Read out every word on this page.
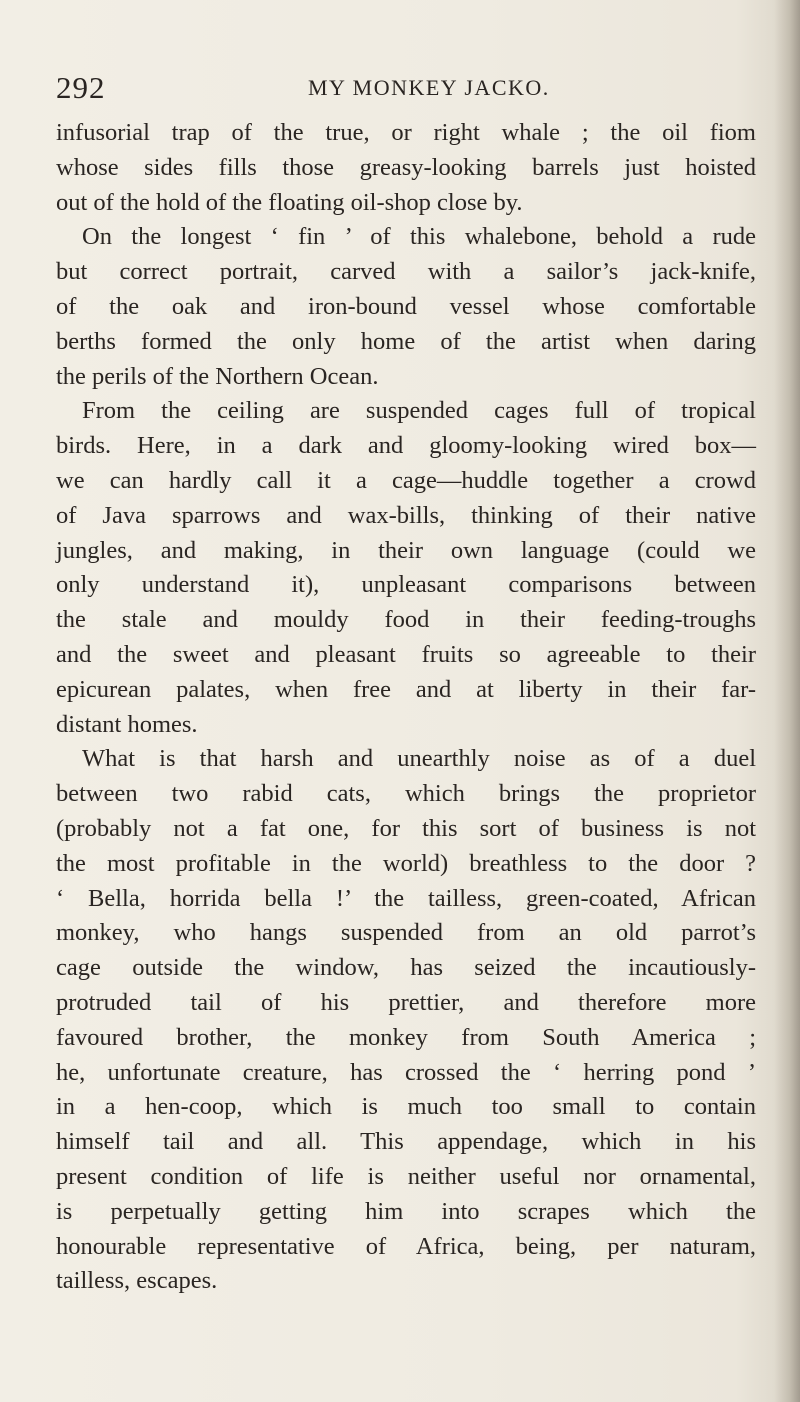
292	MY MONKEY JACKO.
infusorial trap of the true, or right whale ; the oil fiom
whose sides fills those greasy-looking barrels just hoisted
out of the hold of the floating oil-shop close by.
On the longest ‘ fin ’ of this whalebone, behold a rude
but correct portrait, carved with a sailor’s jack-knife,
of the oak and iron-bound vessel whose comfortable
berths formed the only home of the artist when daring
the perils of the Northern Ocean.
From the ceiling are suspended cages full of tropical
birds. Here, in a dark and gloomy-looking wired box—
we can hardly call it a cage—huddle together a crowd
of Java sparrows and wax-bills, thinking of their native
jungles, and making, in their own language (could we
only understand it), unpleasant comparisons between
the stale and mouldy food in their feeding-troughs
and the sweet and pleasant fruits so agreeable to their
epicurean palates, when free and at liberty in their far-
distant homes.
What is that harsh and unearthly noise as of a duel
between two rabid cats, which brings the proprietor
(probably not a fat one, for this sort of business is not
the most profitable in the world) breathless to the door ?
‘ Bella, horrida bella !’ the tailless, green-coated, African
monkey, who hangs suspended from an old parrot’s
cage outside the window, has seized the incautiously-
protruded tail of his prettier, and therefore more
favoured brother, the monkey from South America ;
he, unfortunate creature, has crossed the ‘ herring pond ’
in a hen-coop, which is much too small to contain
himself tail and all. This appendage, which in his
present condition of life is neither useful nor ornamental,
is perpetually getting him into scrapes which the
honourable representative of Africa, being, per naturam,
tailless, escapes.
